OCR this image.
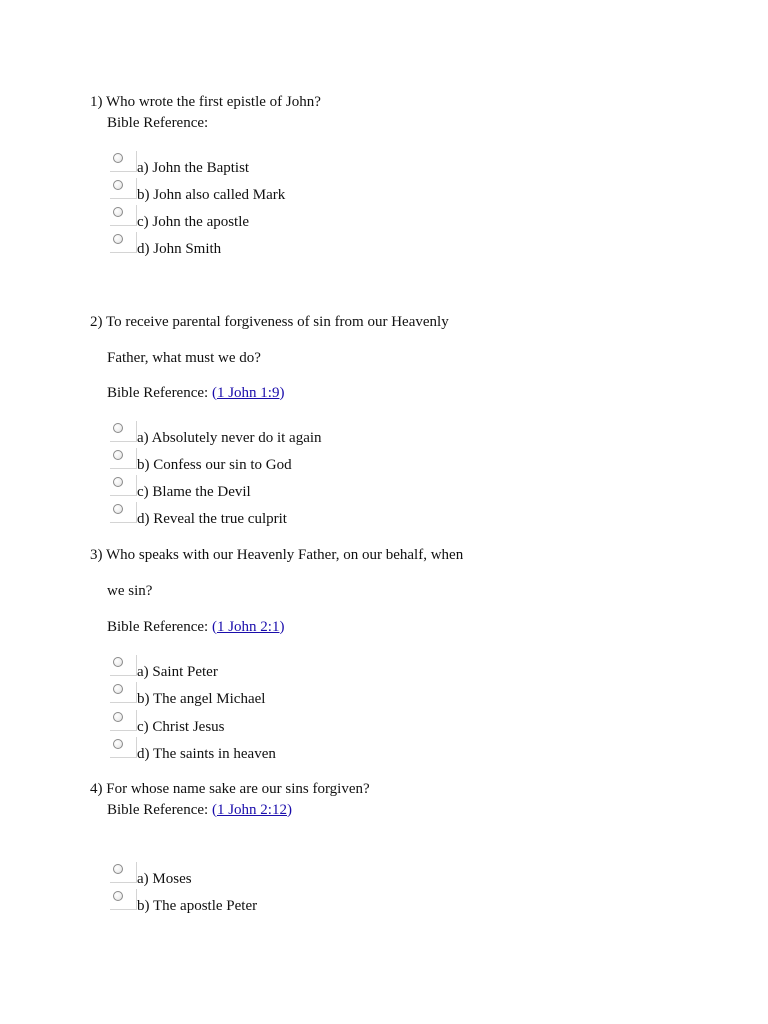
1) Who wrote the first epistle of John?
Bible Reference:
a) John the Baptist
b) John also called Mark
c) John the apostle
d) John Smith
2) To receive parental forgiveness of sin from our Heavenly
Father, what must we do?
Bible Reference: (1 John 1:9)
a) Absolutely never do it again
b) Confess our sin to God
c) Blame the Devil
d) Reveal the true culprit
3) Who speaks with our Heavenly Father, on our behalf, when
we sin?
Bible Reference: (1 John 2:1)
a) Saint Peter
b) The angel Michael
c) Christ Jesus
d) The saints in heaven
4) For whose name sake are our sins forgiven?
Bible Reference: (1 John 2:12)
a) Moses
b) The apostle Peter
